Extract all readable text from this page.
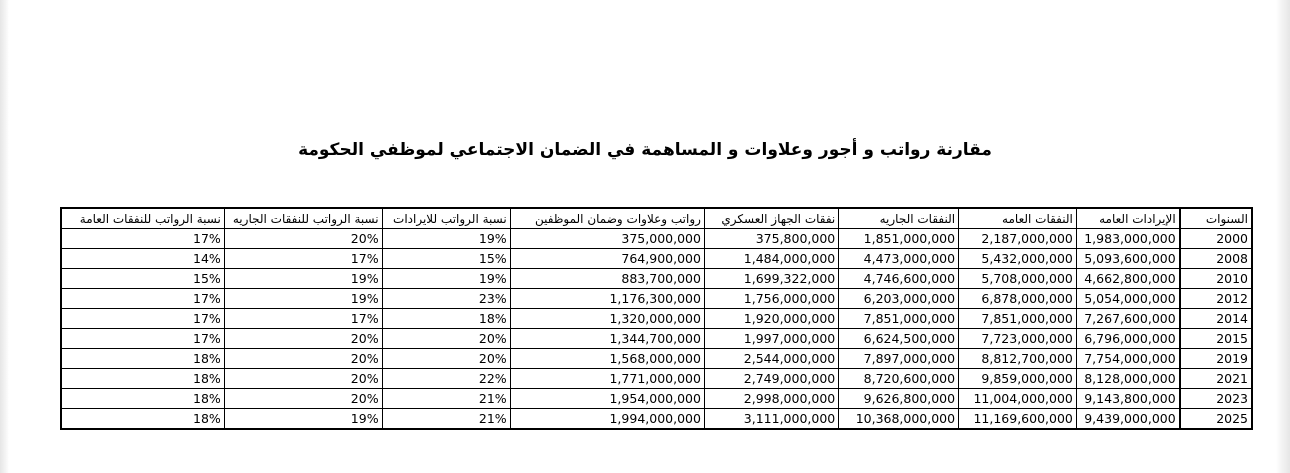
مقارنة رواتب و أجور وعلاوات و المساهمة في الضمان الاجتماعي لموظفي الحكومة
السنوات	الإيرادات العامه	النفقات العامه	النفقات الجاريه	نفقات الجهاز العسكري	رواتب وعلاوات وضمان الموظفين	نسبة الرواتب للايرادات	نسبة الرواتب للنفقات الجاريه	نسبة الرواتب للنفقات العامة
2000	1,983,000,000	2,187,000,000	1,851,000,000	375,800,000	375,000,000	19%	20%	17%
2008	5,093,600,000	5,432,000,000	4,473,000,000	1,484,000,000	764,900,000	15%	17%	14%
2010	4,662,800,000	5,708,000,000	4,746,600,000	1,699,322,000	883,700,000	19%	19%	15%
2012	5,054,000,000	6,878,000,000	6,203,000,000	1,756,000,000	1,176,300,000	23%	19%	17%
2014	7,267,600,000	7,851,000,000	7,851,000,000	1,920,000,000	1,320,000,000	18%	17%	17%
2015	6,796,000,000	7,723,000,000	6,624,500,000	1,997,000,000	1,344,700,000	20%	20%	17%
2019	7,754,000,000	8,812,700,000	7,897,000,000	2,544,000,000	1,568,000,000	20%	20%	18%
2021	8,128,000,000	9,859,000,000	8,720,600,000	2,749,000,000	1,771,000,000	22%	20%	18%
2023	9,143,800,000	11,004,000,000	9,626,800,000	2,998,000,000	1,954,000,000	21%	20%	18%
2025	9,439,000,000	11,169,600,000	10,368,000,000	3,111,000,000	1,994,000,000	21%	19%	18%
